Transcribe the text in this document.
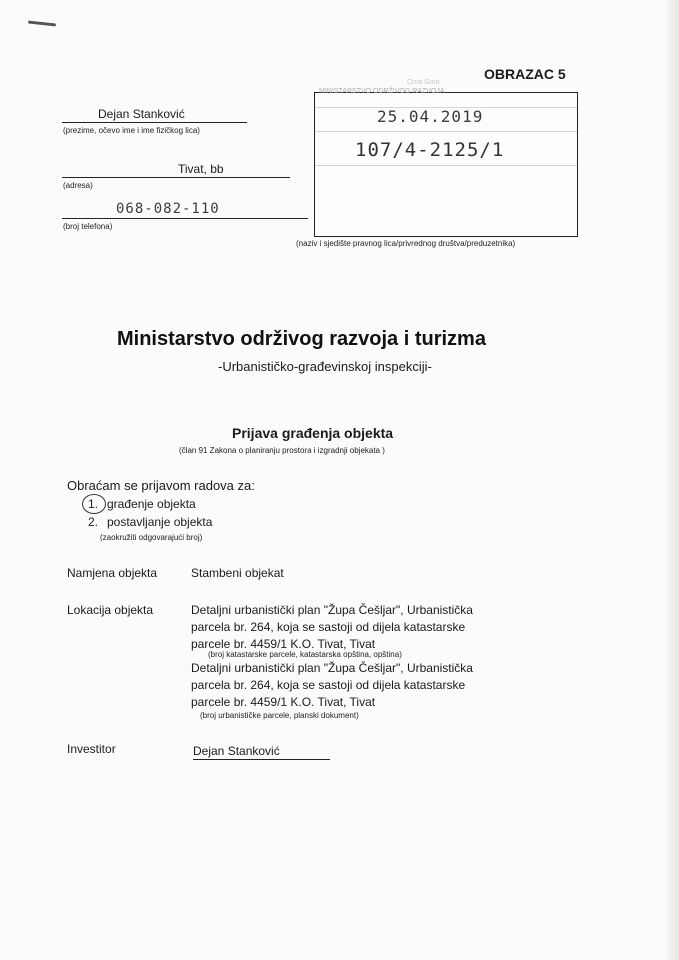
OBRAZAC 5
Dejan Stanković
(prezime, očevo ime i ime fizičkog lica)
Tivat, bb
(adresa)
068-082-110
(broj telefona)
Crna Gora
MINISTARSTVO ODRŽIVOG RAZVOJA
25.04.2019
107/4-2125/1
(naziv i sjedište pravnog lica/privrednog društva/preduzetnika)
Ministarstvo održivog razvoja i turizma
-Urbanističko-građevinskoj inspekciji-
Prijava građenja objekta
(član 91 Zakona o planiranju prostora i izgradnji objekata )
Obraćam se prijavom radova za:
1. građenje objekta
2. postavljanje objekta
(zaokružiti odgovarajući broj)
Namjena objekta	Stambeni objekat
Lokacija objekta	Detaljni urbanistički plan "Župa Češljar", Urbanistička
parcela br. 264, koja se sastoji od dijela katastarske
parcele br. 4459/1 K.O. Tivat, Tivat
(broj katastarske parcele, katastarska opština, opština)
Detaljni urbanistički plan "Župa Češljar", Urbanistička
parcela br. 264, koja se sastoji od dijela katastarske
parcele br. 4459/1 K.O. Tivat, Tivat
(broj urbanističke parcele, planski dokument)
Investitor	Dejan Stanković
